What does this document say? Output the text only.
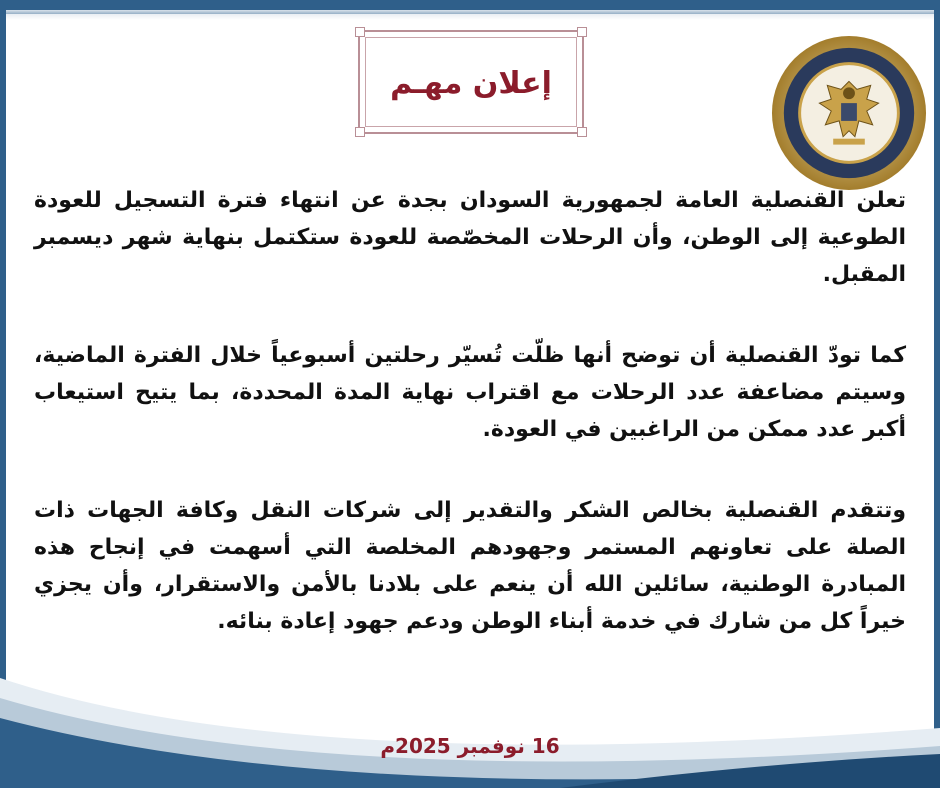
إعلان مهـم

تعلن القنصلية العامة لجمهورية السودان بجدة عن انتهاء فترة التسجيل للعودة الطوعية إلى الوطن، وأن الرحلات المخصّصة للعودة ستكتمل بنهاية شهر ديسمبر المقبل.

كما تودّ القنصلية أن توضح أنها ظلّت تُسيّر رحلتين أسبوعياً خلال الفترة الماضية، وسيتم مضاعفة عدد الرحلات مع اقتراب نهاية المدة المحددة، بما يتيح استيعاب أكبر عدد ممكن من الراغبين في العودة.

وتتقدم القنصلية بخالص الشكر والتقدير إلى شركات النقل وكافة الجهات ذات الصلة على تعاونهم المستمر وجهودهم المخلصة التي أسهمت في إنجاح هذه المبادرة الوطنية، سائلين الله أن ينعم على بلادنا بالأمن والاستقرار، وأن يجزي خيراً كل من شارك في خدمة أبناء الوطن ودعم جهود إعادة بنائه.

16 نوفمبر 2025م
